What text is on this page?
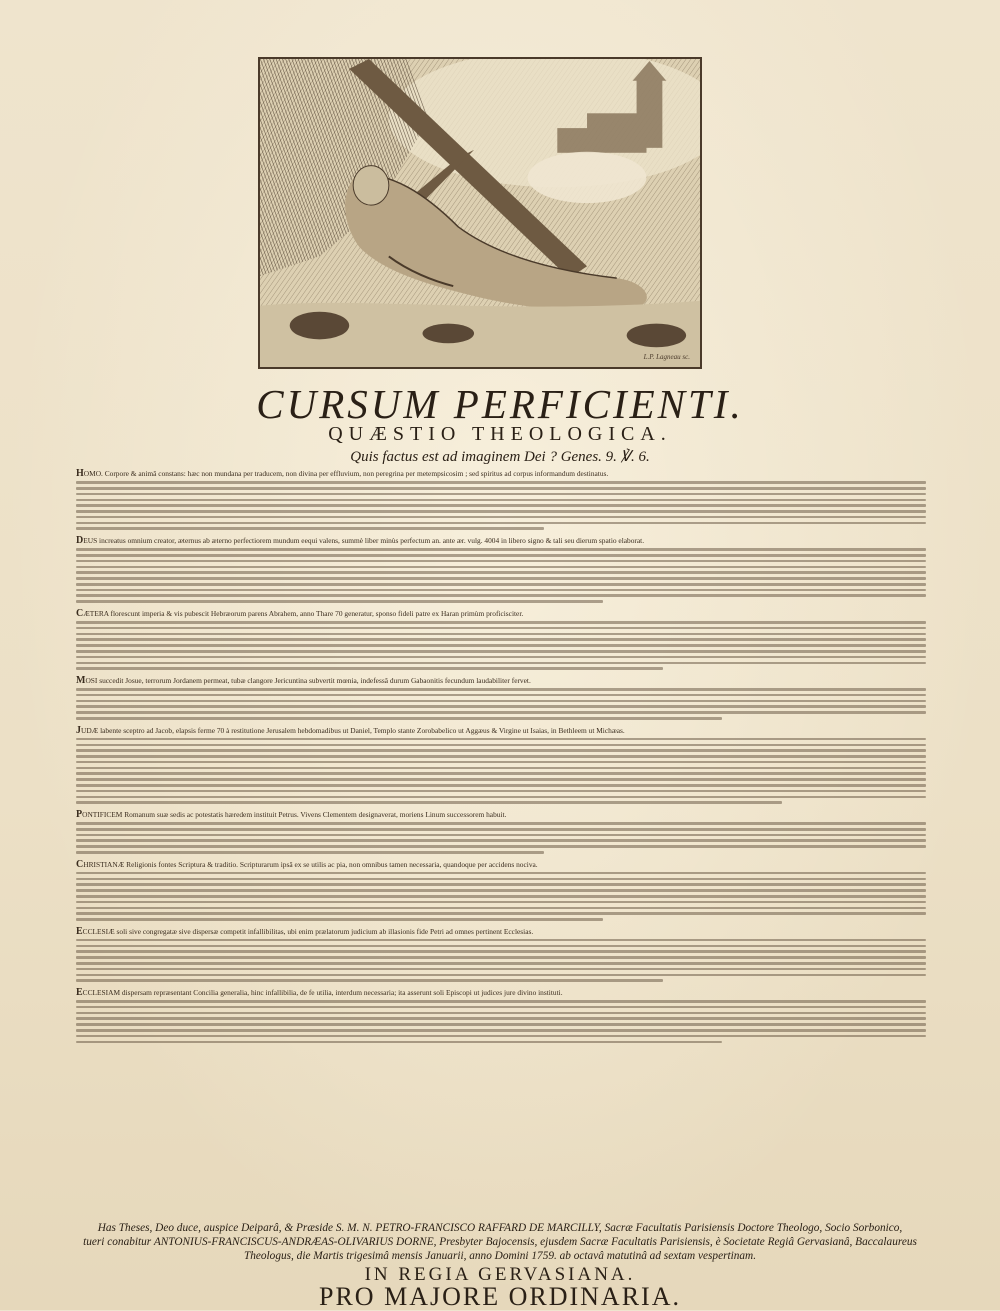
L.P. Lagneau sc.
CURSUM PERFICIENTI.
QUÆSTIO THEOLOGICA.
Quis factus est ad imaginem Dei ? Genes. 9. ℣. 6.
HOMO. Corpore & animâ constans: hæc non mundana per traducem, non divina per effluvium, non peregrina per metempsicosim ; sed spiritus ad corpus informandum destinatus.
DEUS increatus omnium creator, æternus ab æterno perfectiorem mundum eequi valens, summè liber minùs perfectum an. ante ær. vulg. 4004 in libero signo & tali seu dierum spatio elaborat.
CÆTERA florescunt imperia & vis pubescit Hebræorum parens Abrahem, anno Thare 70 generatur, sponso fideli patre ex Haran primùm proficisciter.
MOSI succedit Josue, terrorum Jordanem permeat, tubæ clangore Jericuntina subvertit mœnia, indefessâ durum Gabaonitis fecundum laudabiliter fervet.
JUDÆ labente sceptro ad Jacob, elapsis ferme 70 à restitutione Jerusalem hebdomadibus ut Daniel, Templo stante Zorobabelico ut Aggæus & Virgine ut Isaias, in Bethleem ut Michæas.
PONTIFICEM Romanum suæ sedis ac potestatis hæredem instituit Petrus. Vivens Clementem designaverat, moriens Linum successorem habuit.
CHRISTIANÆ Religionis fontes Scriptura & traditio. Scripturarum ipsâ ex se utilis ac pia, non omnibus tamen necessaria, quandoque per accidens nociva.
ECCLESIÆ soli sive congregatæ sive dispersæ competit infallibilitas, ubi enim prælatorum judicium ab illasionis fide Petri ad omnes pertinent Ecclesias.
ECCLESIAM dispersam repræsentant Concilia generalia, hinc infallibilia, de fe utilia, interdum necessaria; ita asserunt soli Episcopi ut judices jure divino instituti.
Has Theses, Deo duce, auspice Deiparâ, & Præside S. M. N. PETRO-FRANCISCO RAFFARD DE MARCILLY, Sacræ Facultatis Parisiensis Doctore Theologo, Socio Sorbonico,
tueri conabitur ANTONIUS-FRANCISCUS-ANDRÆAS-OLIVARIUS DORNE, Presbyter Bajocensis, ejusdem Sacræ Facultatis Parisiensis, è Societate Regiâ Gervasianâ, Baccalaureus
Theologus, die Martis trigesimâ mensis Januarii, anno Domini 1759. ab octavâ matutinâ ad sextam vespertinam.
IN REGIA GERVASIANA.
PRO MAJORE ORDINARIA.
